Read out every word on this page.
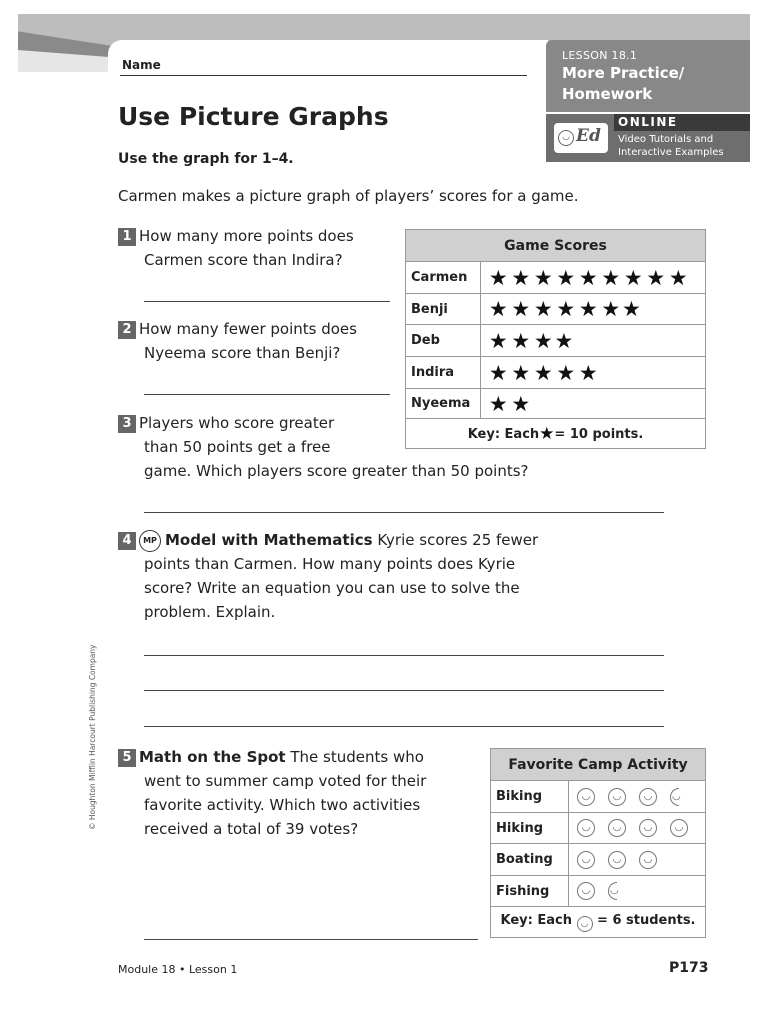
Name
LESSON 18.1
More Practice/
Homework
◡ Ed
ONLINE
Video Tutorials and
Interactive Examples
Use Picture Graphs
Use the graph for 1–4.
Carmen makes a picture graph of players’ scores for a game.
1 How many more points does
Carmen score than Indira?
2 How many fewer points does
Nyeema score than Benji?
3 Players who score greater
than 50 points get a free
game. Which players score greater than 50 points?
Game Scores	
Carmen	★ ★ ★ ★ ★ ★ ★ ★ ★
Benji	★ ★ ★ ★ ★ ★★
Deb	★ ★ ★★
Indira	★ ★ ★ ★ ★
Nyeema	★ ★
Key: Each★= 10 points.	
4 MP Model with Mathematics Kyrie scores 25 fewer
points than Carmen. How many points does Kyrie
score? Write an equation you can use to solve the
problem. Explain.
5 Math on the Spot The students who
went to summer camp voted for their
favorite activity. Which two activities
received a total of 39 votes?
Favorite Camp Activity	
Biking	◡ ◡ ◡ ◡
Hiking	◡ ◡ ◡ ◡
Boating	◡ ◡ ◡
Fishing	◡ ◡
Key: Each ◡ = 6 students.	
© Houghton Mifflin Harcourt Publishing Company
Module 18 • Lesson 1	P173
